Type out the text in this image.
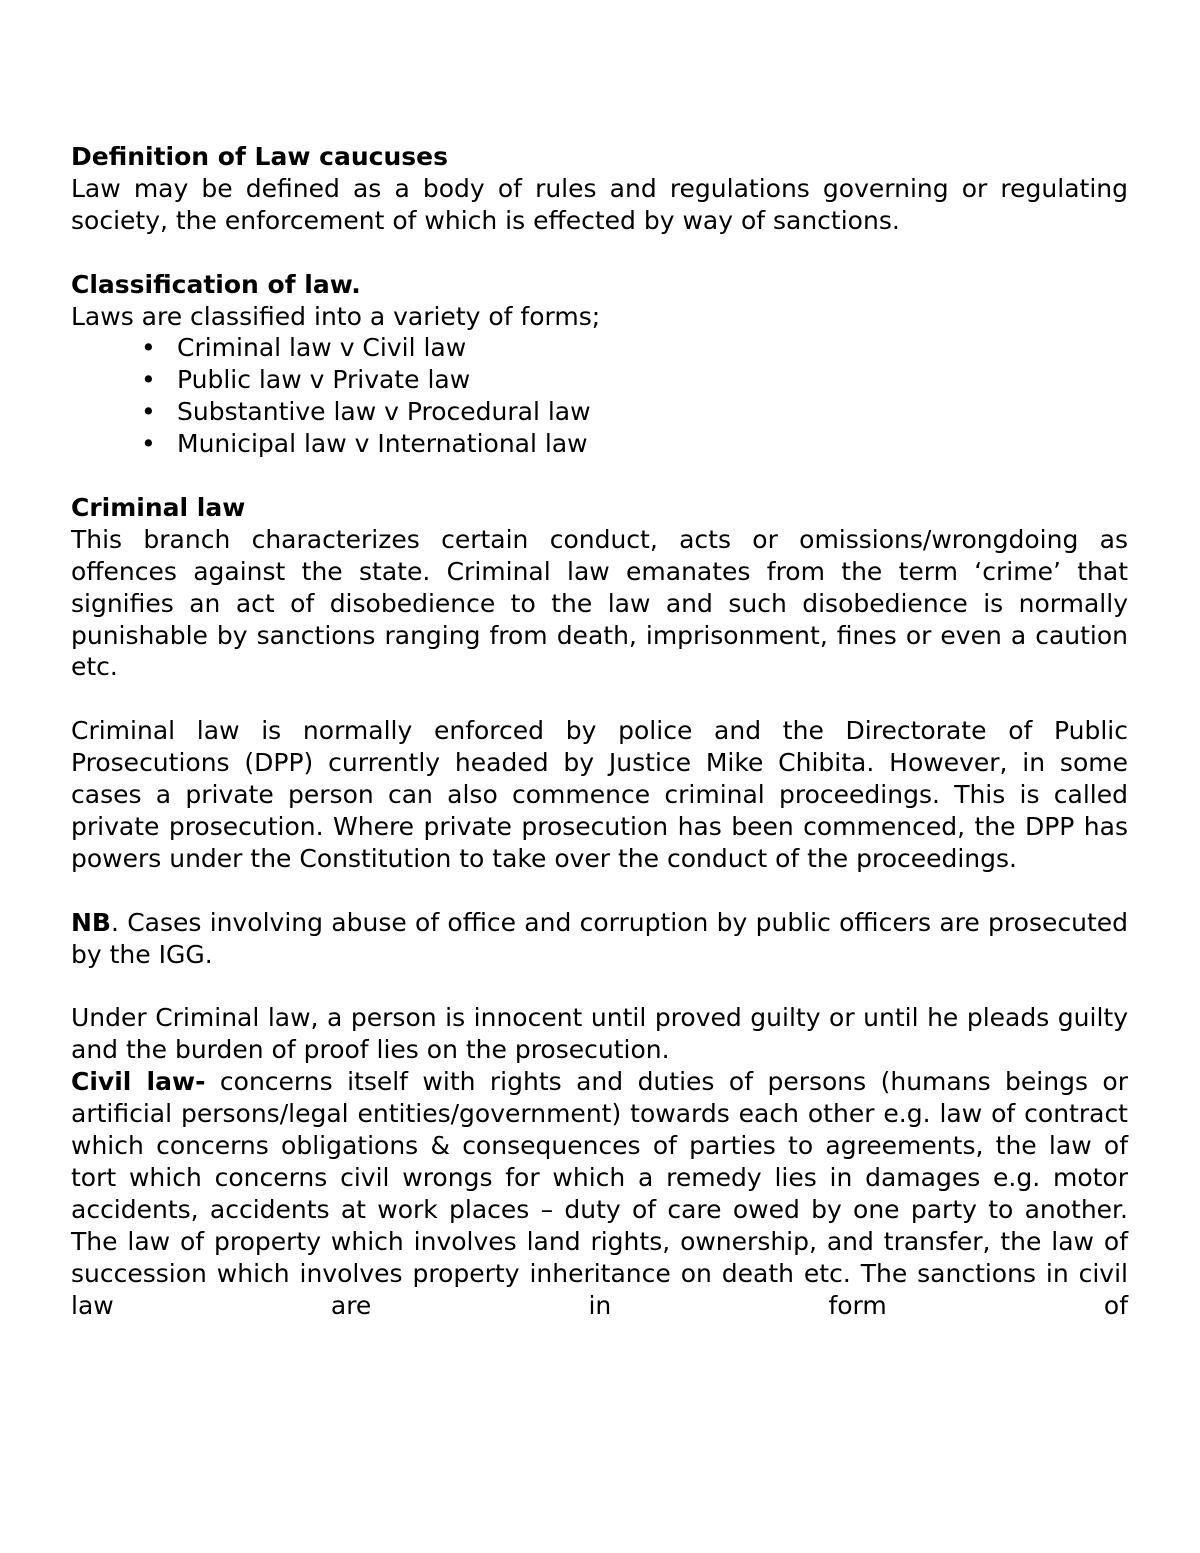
Definition of Law caucuses

Law may be defined as a body of rules and regulations governing or regulating society, the enforcement of which is effected by way of sanctions.

Classification of law.

Laws are classified into a variety of forms;

• Criminal law v Civil law
• Public law v Private law
• Substantive law v Procedural law
• Municipal law v International law

Criminal law

This branch characterizes certain conduct, acts or omissions/wrongdoing as offences against the state. Criminal law emanates from the term ‘crime’ that signifies an act of disobedience to the law and such disobedience is normally punishable by sanctions ranging from death, imprisonment, fines or even a caution etc.

Criminal law is normally enforced by police and the Directorate of Public Prosecutions (DPP) currently headed by Justice Mike Chibita. However, in some cases a private person can also commence criminal proceedings. This is called private prosecution. Where private prosecution has been commenced, the DPP has powers under the Constitution to take over the conduct of the proceedings.

NB. Cases involving abuse of office and corruption by public officers are prosecuted by the IGG.

Under Criminal law, a person is innocent until proved guilty or until he pleads guilty and the burden of proof lies on the prosecution.

Civil law- concerns itself with rights and duties of persons (humans beings or artificial persons/legal entities/government) towards each other e.g. law of contract which concerns obligations & consequences of parties to agreements, the law of tort which concerns civil wrongs for which a remedy lies in damages e.g. motor accidents, accidents at work places – duty of care owed by one party to another. The law of property which involves land rights, ownership, and transfer, the law of succession which involves property inheritance on death etc. The sanctions in civil law are in form of
